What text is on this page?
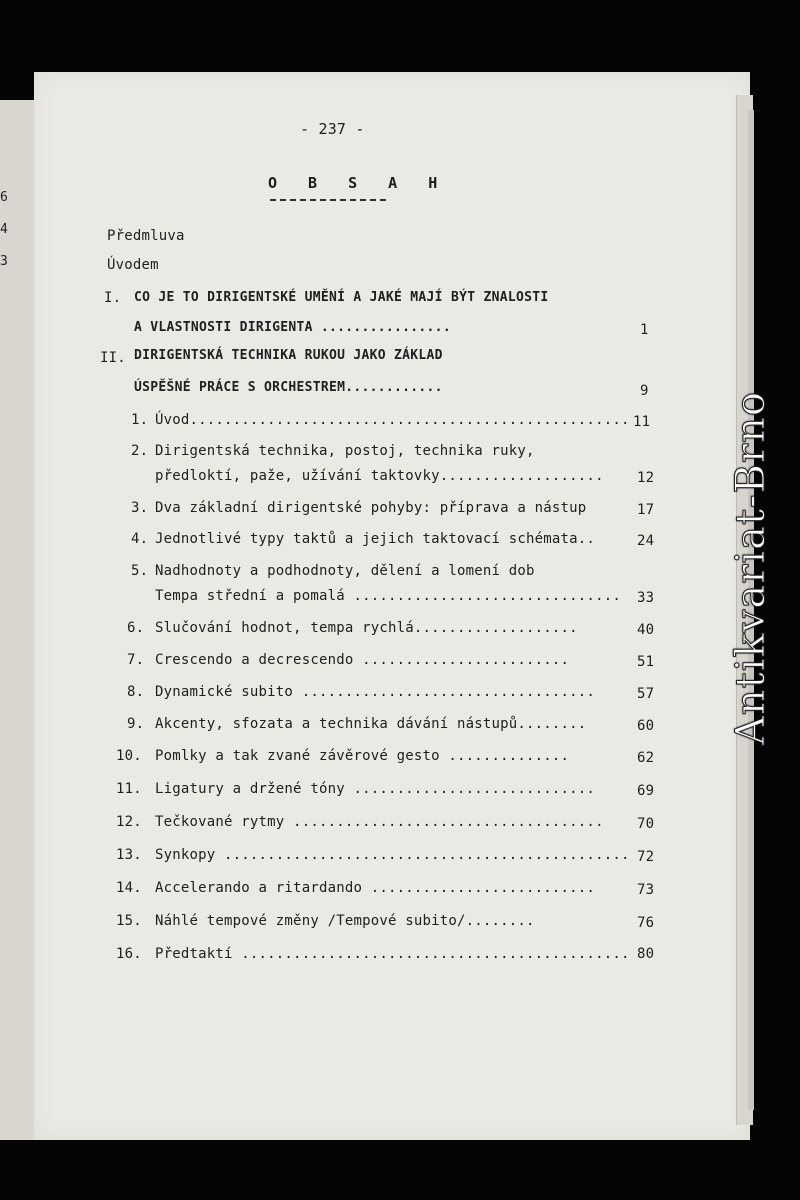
6
4
3
- 237 -
O B S A H
Předmluva
Úvodem
I. CO JE TO DIRIGENTSKÉ UMĚNÍ A JAKÉ MAJÍ BÝT ZNALOSTI
A VLASTNOSTI DIRIGENTA ................	1
II. DIRIGENTSKÁ TECHNIKA RUKOU JAKO ZÁKLAD
ÚSPĚŠNÉ PRÁCE S ORCHESTREM............	9
1. Úvod................................................... 11
2. Dirigentská technika, postoj, technika ruky,
předloktí, paže, užívání taktovky................... 12
3. Dva základní dirigentské pohyby: příprava a nástup	17
4. Jednotlivé typy taktů a jejich taktovací schémata..	24
5. Nadhodnoty a podhodnoty, dělení a lomení dob
Tempa střední a pomalá ............................... 33
6. Slučování hodnot, tempa rychlá...................	40
7. Crescendo a decrescendo ........................	51
8. Dynamické subito ..................................	57
9. Akcenty, sfozata a technika dávání nástupů........	60
10. Pomlky a tak zvané závěrové gesto ..............	62
11. Ligatury a držené tóny ............................	69
12. Tečkované rytmy .................................... 70
13. Synkopy ............................................... 72
14. Accelerando a ritardando ..........................	73
15. Náhlé tempové změny /Tempové subito/........	76
16. Předtaktí ............................................. 80
Antikvariat-Brno
